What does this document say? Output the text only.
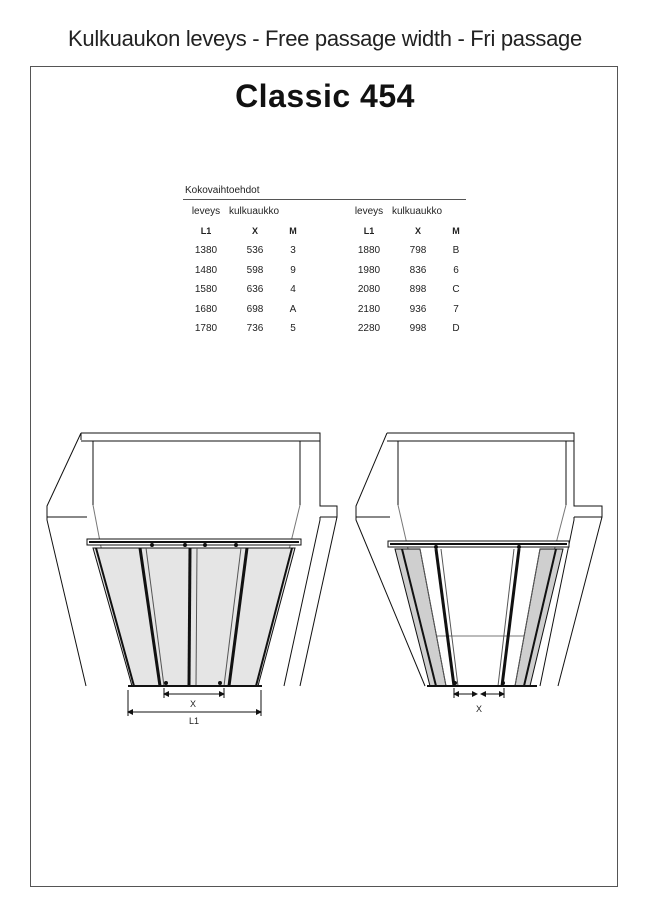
Kulkuaukon leveys - Free passage width - Fri passage
Classic 454
Kokovaihtoehdot
leveys kulkuaukko
L1	X	M
1380	536	3
1480	598	9
1580	636	4
1680	698	A
1780	736	5
leveys kulkuaukko
L1	X	M
1880	798	B
1980	836	6
2080	898	C
2180	936	7
2280	998	D
X
L1
X
